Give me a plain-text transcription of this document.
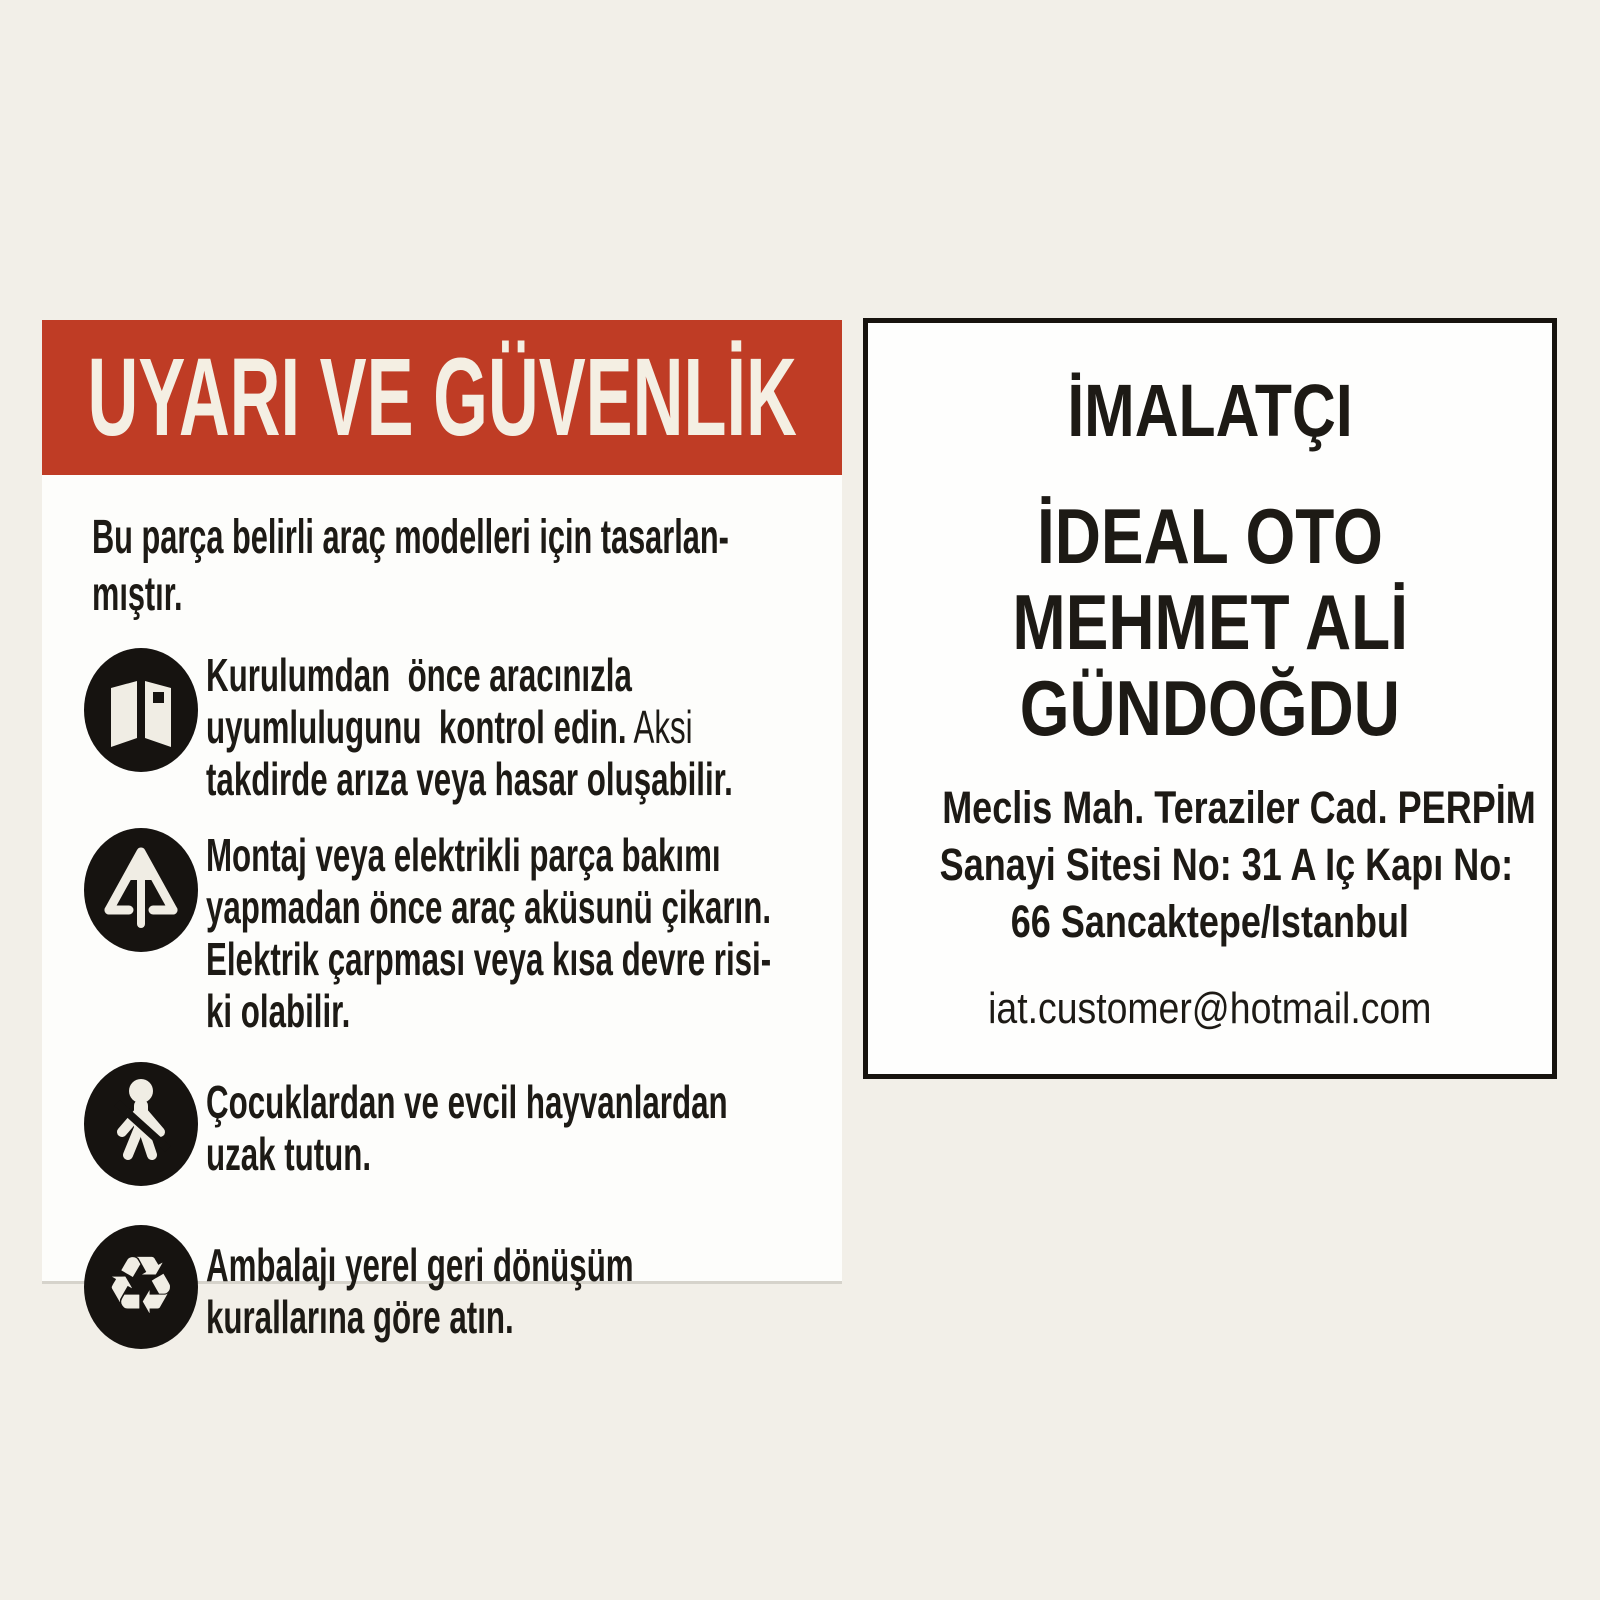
UYARI VE GÜVENLİK
Bu parça belirli araç modelleri için tasarlan-
mıştır.
Kurulumdan  önce aracınızla
uyumlulugunu  kontrol edin. Aksi
takdirde arıza veya hasar oluşabilir.
Montaj veya elektrikli parça bakımı
yapmadan önce araç aküsunü çikarın.
Elektrik çarpması veya kısa devre risi-
ki olabilir.
Çocuklardan ve evcil hayvanlardan
uzak tutun.
♻ Ambalajı yerel geri dönüşüm
kurallarına göre atın.
İMALATÇI
İDEAL OTO
MEHMET ALİ
GÜNDOĞDU
Meclis Mah. Teraziler Cad. PERPİM
Sanayi Sitesi No: 31 A Iç Kapı No:
66 Sancaktepe/Istanbul
iat.customer@hotmail.com
